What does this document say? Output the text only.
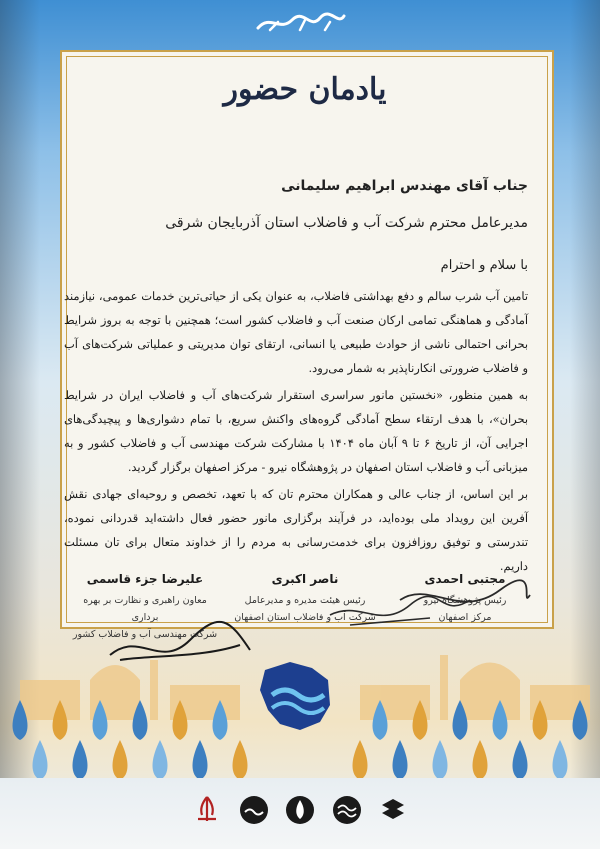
یادمان حضور
جناب آقای مهندس ابراهیم سلیمانی
مدیرعامل محترم شرکت آب و فاضلاب استان آذربایجان شرقی
با سلام و احترام

تامین آب شرب سالم و دفع بهداشتی فاضلاب، به عنوان یکی از حیاتی‌ترین خدمات عمومی، نیازمند آمادگی و هماهنگی تمامی ارکان صنعت آب و فاضلاب کشور است؛ همچنین با توجه به بروز شرایط بحرانی احتمالی ناشی از حوادث طبیعی یا انسانی، ارتقای توان مدیریتی و عملیاتی شرکت‌های آب و فاضلاب ضرورتی انکارناپذیر به شمار می‌رود.

به همین منظور، «نخستین مانور سراسری استقرار شرکت‌های آب و فاضلاب ایران در شرایط بحران»، با هدف ارتقاء سطح آمادگی گروه‌های واکنش سریع، با تمام دشواری‌ها و پیچیدگی‌های اجرایی آن، از تاریخ ۶ تا ۹ آبان ماه ۱۴۰۴ با مشارکت شرکت مهندسی آب و فاضلاب کشور و به میزبانی آب و فاضلاب استان اصفهان در پژوهشگاه نیرو - مرکز اصفهان برگزار گردید.

بر این اساس، از جناب عالی و همکاران محترم تان که با تعهد، تخصص و روحیه‌ای جهادی نقش آفرین این رویداد ملی بوده‌اید، در فرآیند برگزاری مانور حضور فعال داشته‌اید قدردانی نموده، تندرستی و توفیق روزافزون برای خدمت‌رسانی به مردم را از خداوند متعال برای تان مسئلت داریم.

مجتبی احمدی
رئیس پژوهشگاه نیرو
مرکز اصفهان
ناصر اکبری
رئیس هیئت مدیره و مدیرعامل
شرکت آب و فاضلاب استان اصفهان
علیرضا جزء قاسمی
معاون راهبری و نظارت بر بهره برداری
شرکت مهندسی آب و فاضلاب کشور
